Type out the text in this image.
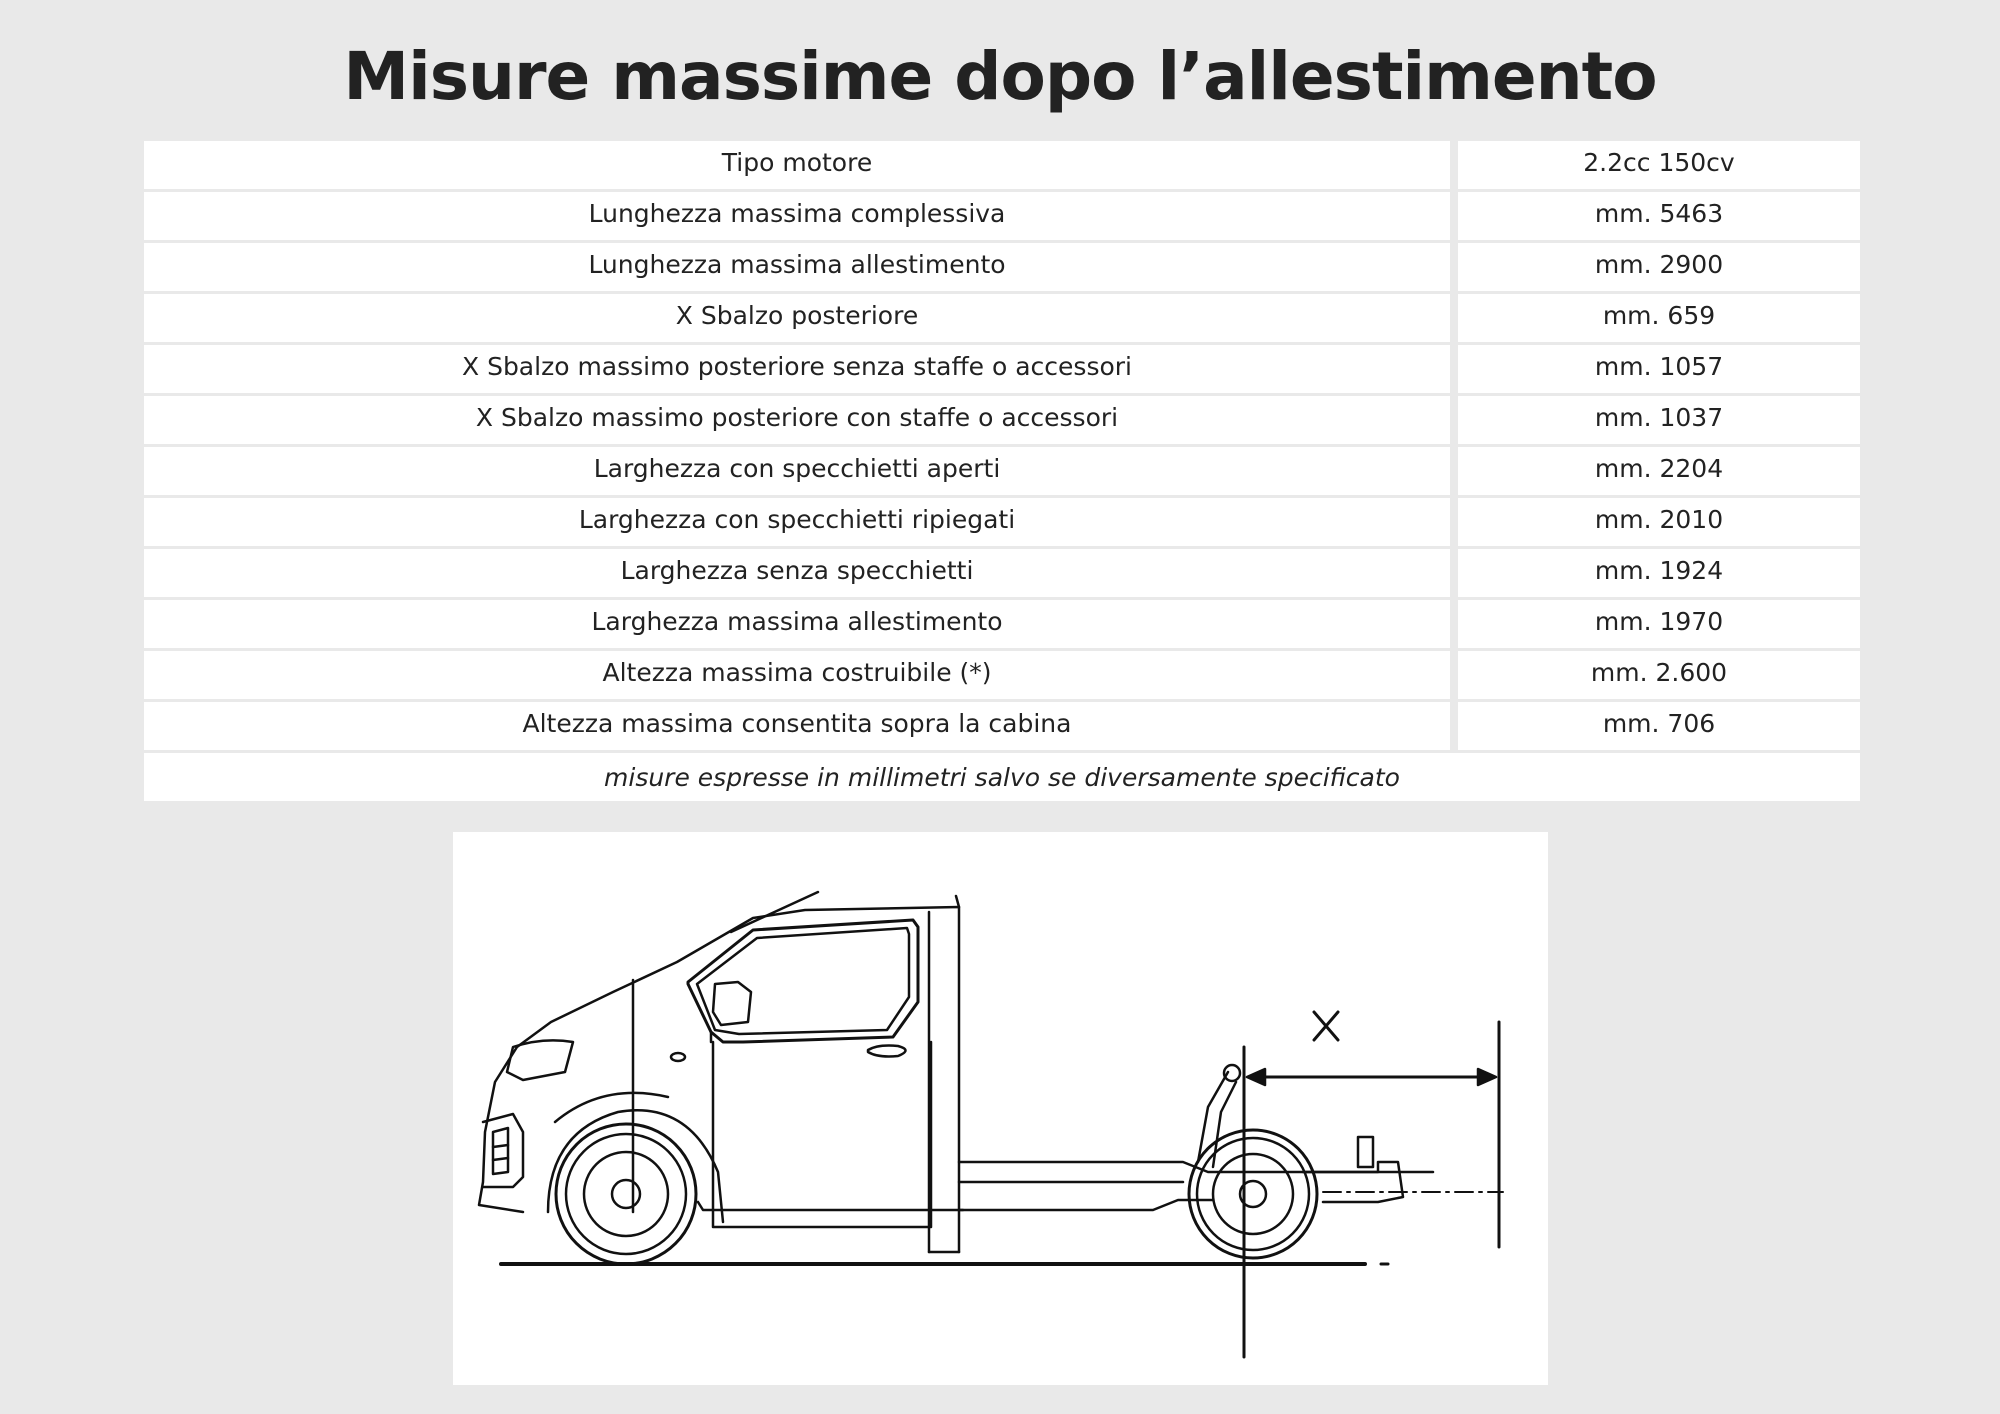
Misure massime dopo l’allestimento
Tipo motore	2.2cc 150cv
Lunghezza massima complessiva	mm. 5463
Lunghezza massima allestimento	mm. 2900
X Sbalzo posteriore	mm. 659
X Sbalzo massimo posteriore senza staffe o accessori	mm. 1057
X Sbalzo massimo posteriore con staffe o accessori	mm. 1037
Larghezza con specchietti aperti	mm. 2204
Larghezza con specchietti ripiegati	mm. 2010
Larghezza senza specchietti	mm. 1924
Larghezza massima allestimento	mm. 1970
Altezza massima costruibile (*)	mm. 2.600
Altezza massima consentita sopra la cabina	mm. 706
misure espresse in millimetri salvo se diversamente specificato
